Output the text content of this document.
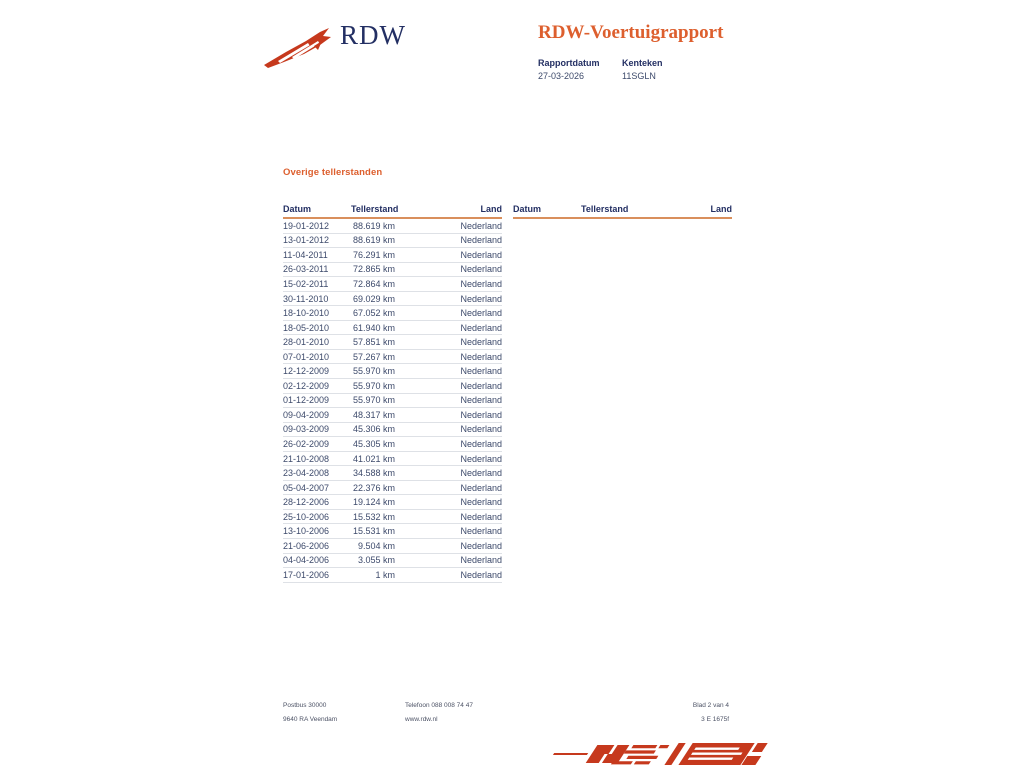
RDW	RDW-Voertuigrapport
Rapportdatum
27-03-2026
Kenteken
11SGLN
Overige tellerstanden
Datum	Tellerstand	Land
19-01-2012	88.619 km	Nederland
13-01-2012	88.619 km	Nederland
11-04-2011	76.291 km	Nederland
26-03-2011	72.865 km	Nederland
15-02-2011	72.864 km	Nederland
30-11-2010	69.029 km	Nederland
18-10-2010	67.052 km	Nederland
18-05-2010	61.940 km	Nederland
28-01-2010	57.851 km	Nederland
07-01-2010	57.267 km	Nederland
12-12-2009	55.970 km	Nederland
02-12-2009	55.970 km	Nederland
01-12-2009	55.970 km	Nederland
09-04-2009	48.317 km	Nederland
09-03-2009	45.306 km	Nederland
26-02-2009	45.305 km	Nederland
21-10-2008	41.021 km	Nederland
23-04-2008	34.588 km	Nederland
05-04-2007	22.376 km	Nederland
28-12-2006	19.124 km	Nederland
25-10-2006	15.532 km	Nederland
13-10-2006	15.531 km	Nederland
21-06-2006	9.504 km	Nederland
04-04-2006	3.055 km	Nederland
17-01-2006	1 km	Nederland
Datum	Tellerstand	Land
Postbus 30000
9640 RA Veendam
Telefoon 088 008 74 47
www.rdw.nl
Blad 2 van 4
3 E 1675f
